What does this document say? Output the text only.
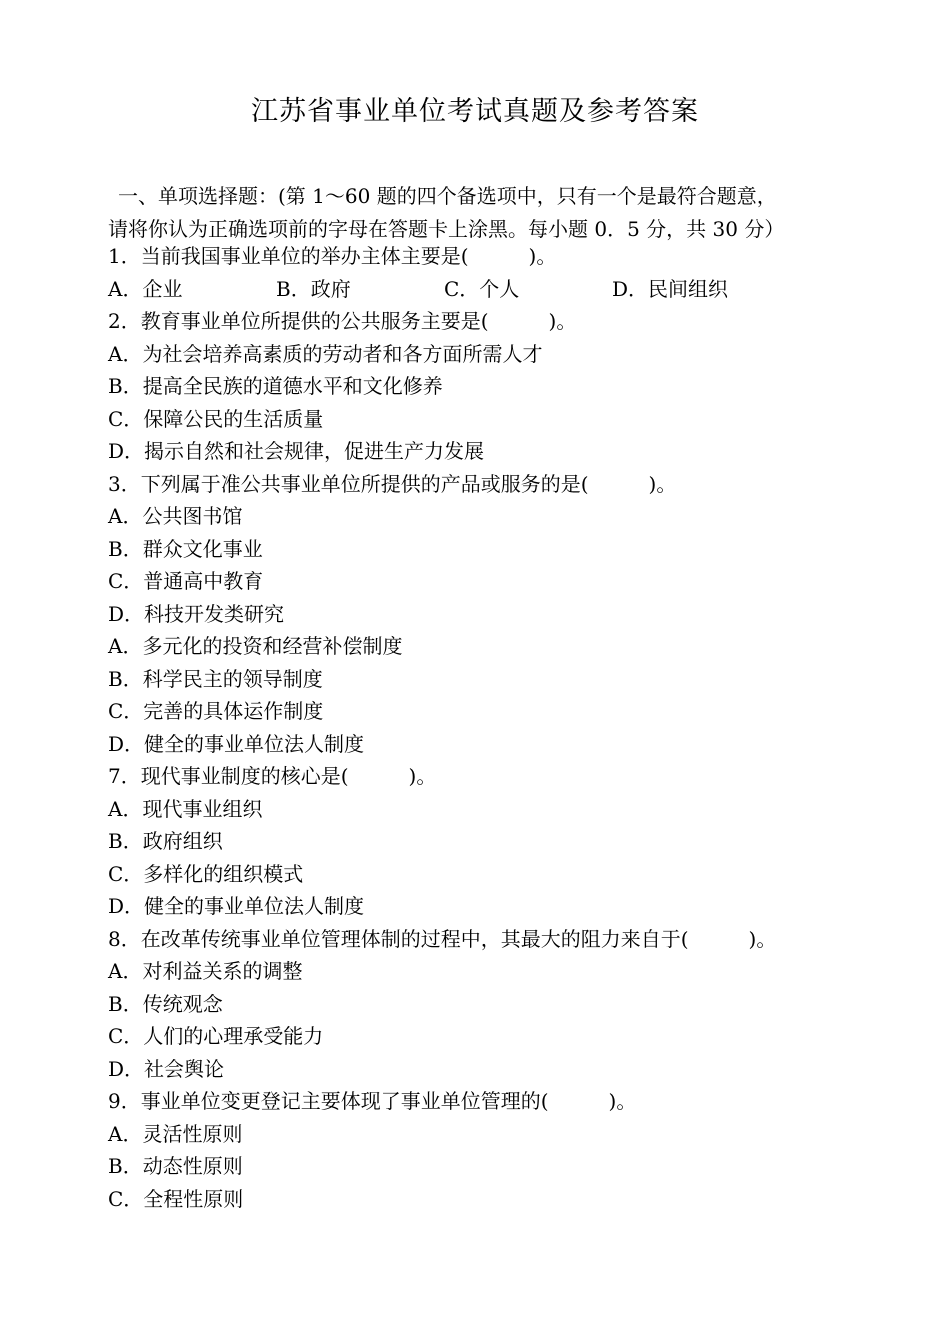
江苏省事业单位考试真题及参考答案
一、单项选择题：(第 1～60 题的四个备选项中，只有一个是最符合题意，
请将你认为正确选项前的字母在答题卡上涂黑。每小题 0．5 分，共 30 分）
1．当前我国事业单位的举办主体主要是(　　　)。
A．企业	B．政府	C．个人	D．民间组织
2．教育事业单位所提供的公共服务主要是(　　　)。
A．为社会培养高素质的劳动者和各方面所需人才
B．提高全民族的道德水平和文化修养
C．保障公民的生活质量
D．揭示自然和社会规律，促进生产力发展
3．下列属于准公共事业单位所提供的产品或服务的是(　　　)。
A．公共图书馆
B．群众文化事业
C．普通高中教育
D．科技开发类研究
A．多元化的投资和经营补偿制度
B．科学民主的领导制度
C．完善的具体运作制度
D．健全的事业单位法人制度
7．现代事业制度的核心是(　　　)。
A．现代事业组织
B．政府组织
C．多样化的组织模式
D．健全的事业单位法人制度
8．在改革传统事业单位管理体制的过程中，其最大的阻力来自于(　　　)。
A．对利益关系的调整
B．传统观念
C．人们的心理承受能力
D．社会舆论
9．事业单位变更登记主要体现了事业单位管理的(　　　)。
A．灵活性原则
B．动态性原则
C．全程性原则
